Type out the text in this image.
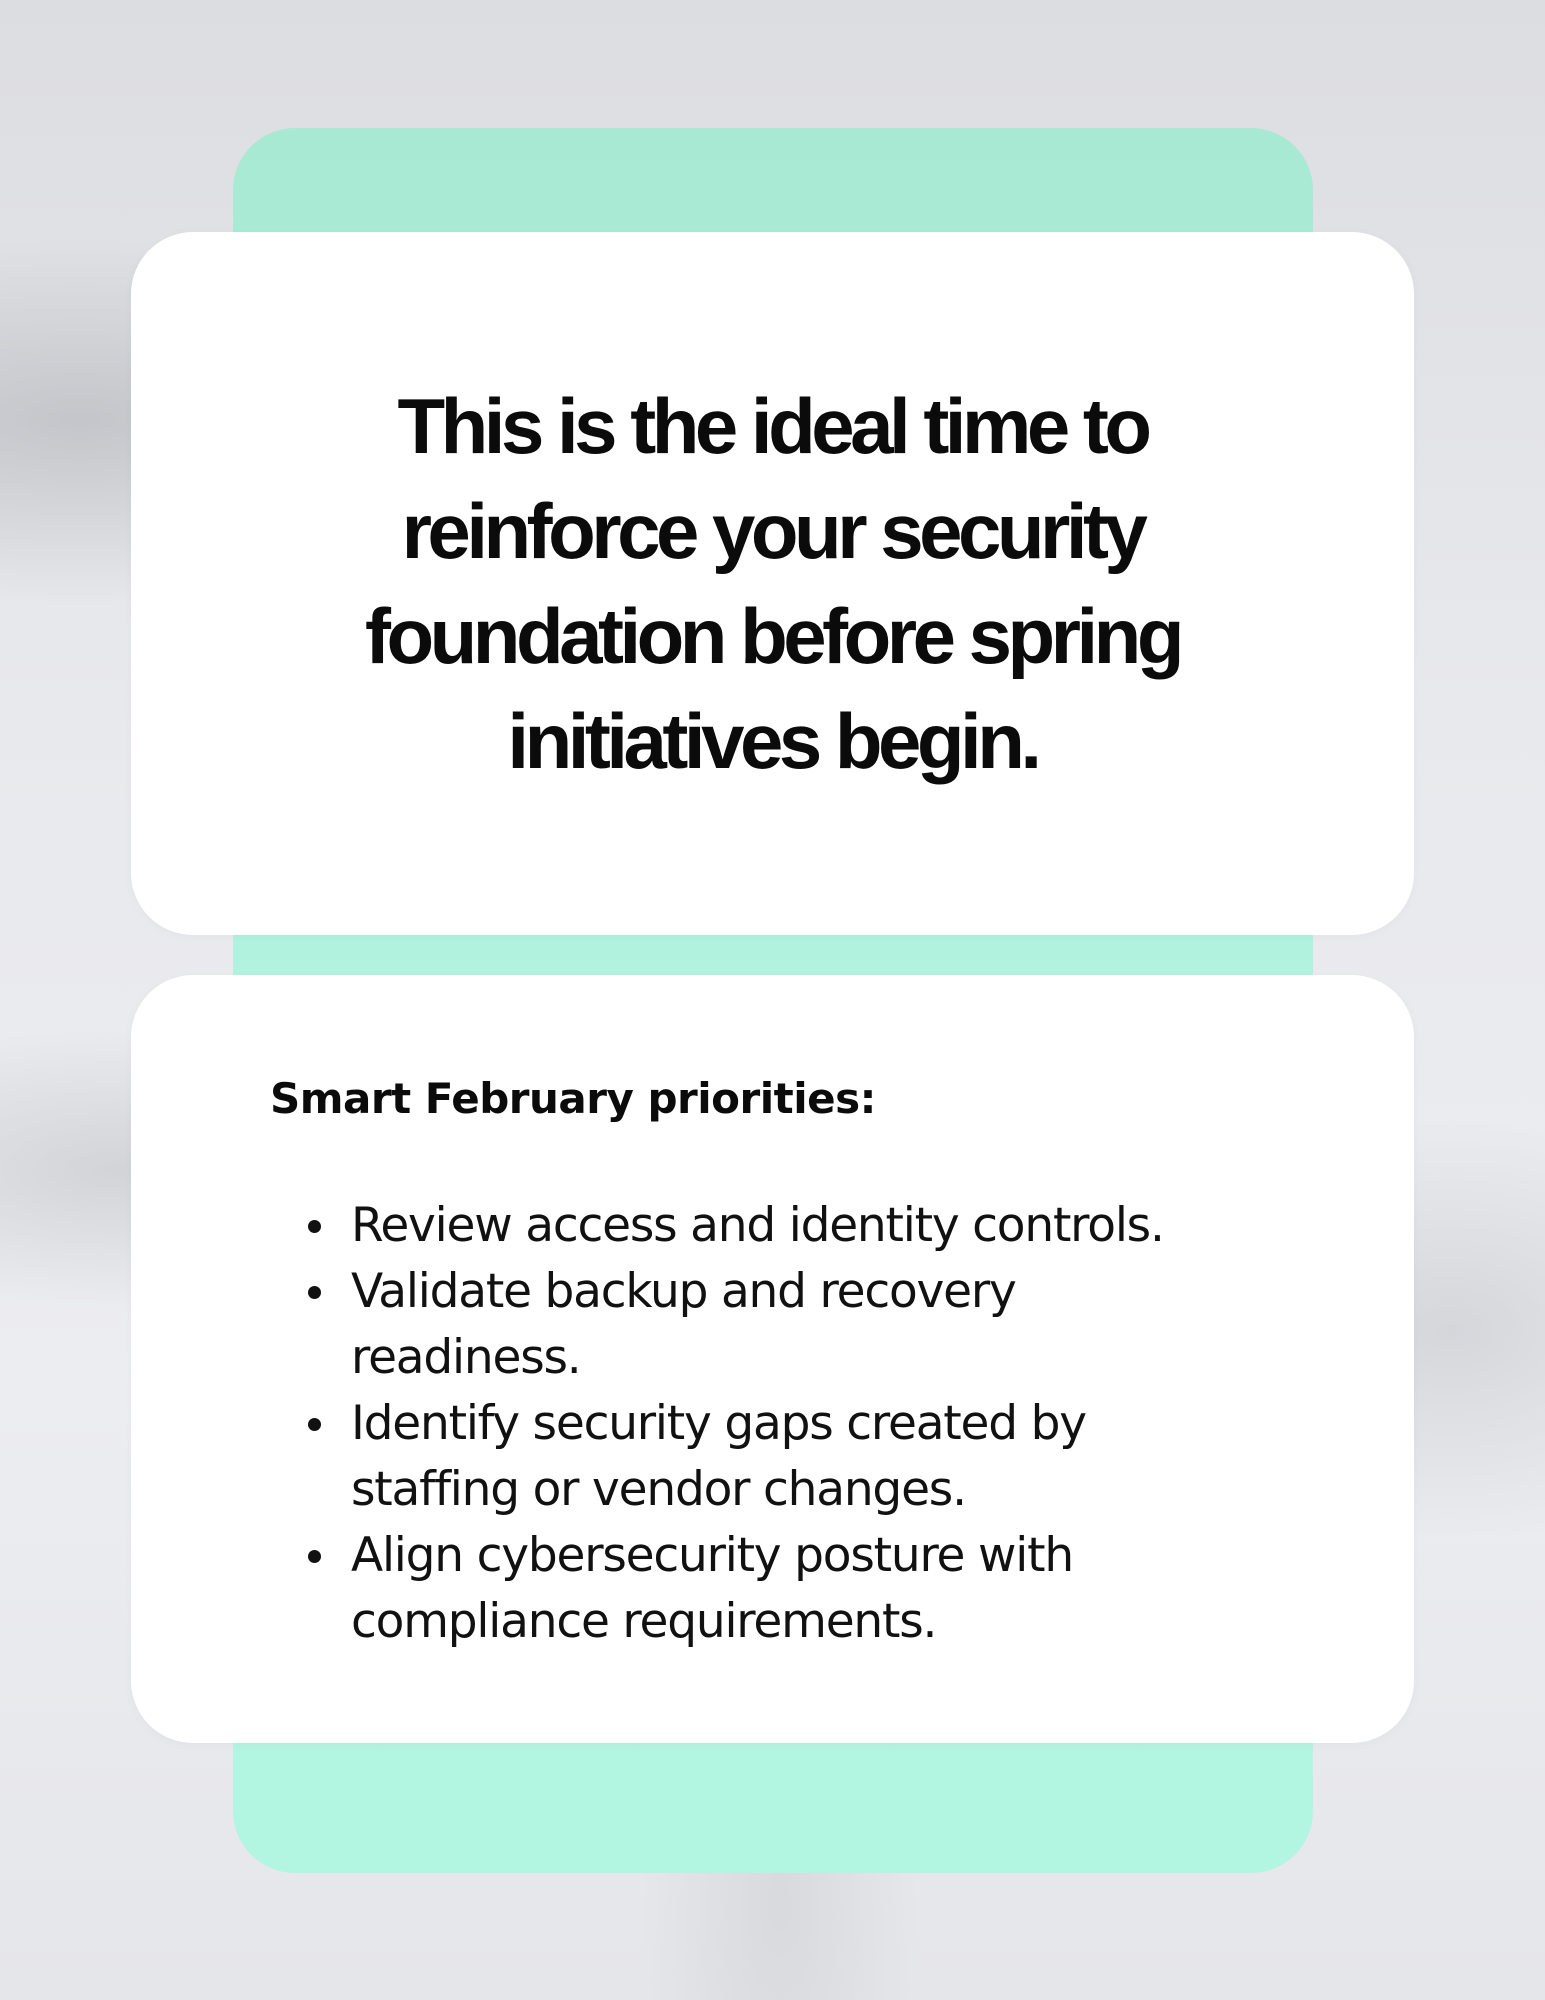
This is the ideal time to
reinforce your security
foundation before spring
initiatives begin.
Smart February priorities:
Review access and identity controls.
Validate backup and recovery
readiness.
Identify security gaps created by
staffing or vendor changes.
Align cybersecurity posture with
compliance requirements.
